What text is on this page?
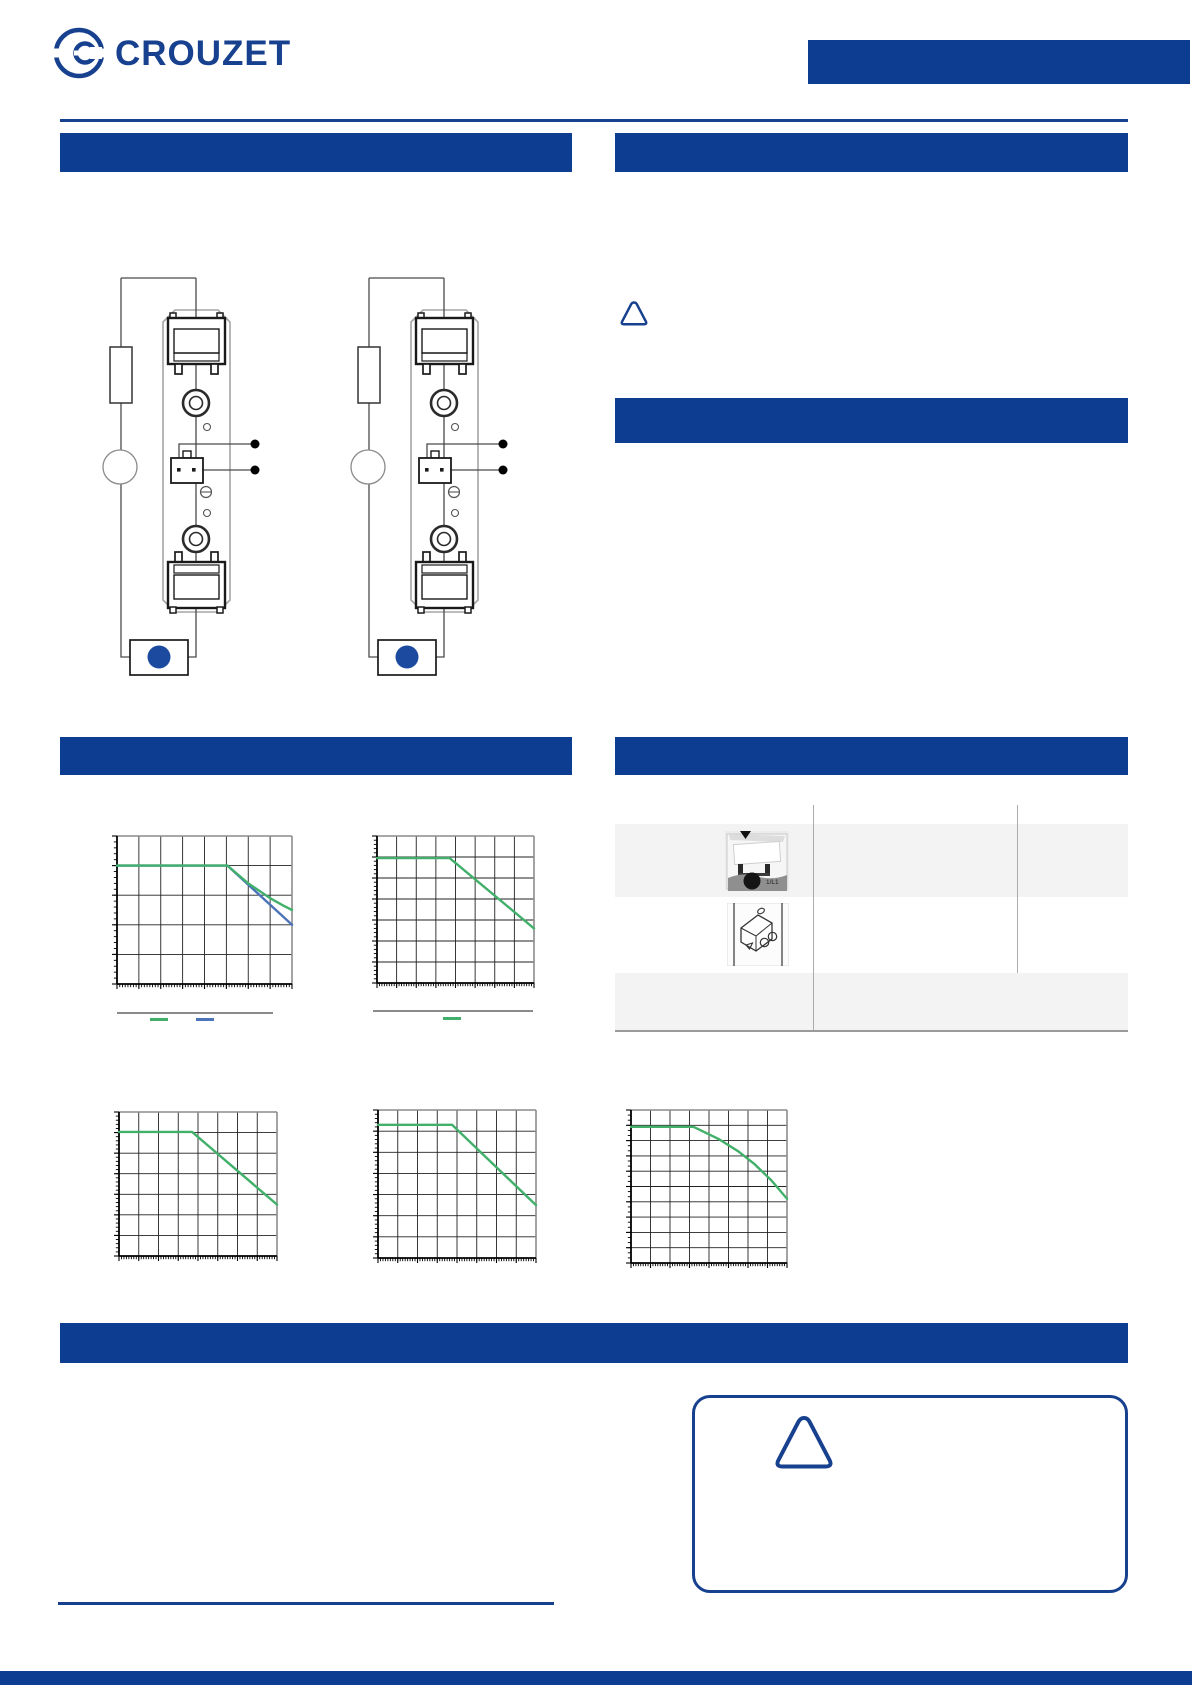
CROUZET
1/L1
